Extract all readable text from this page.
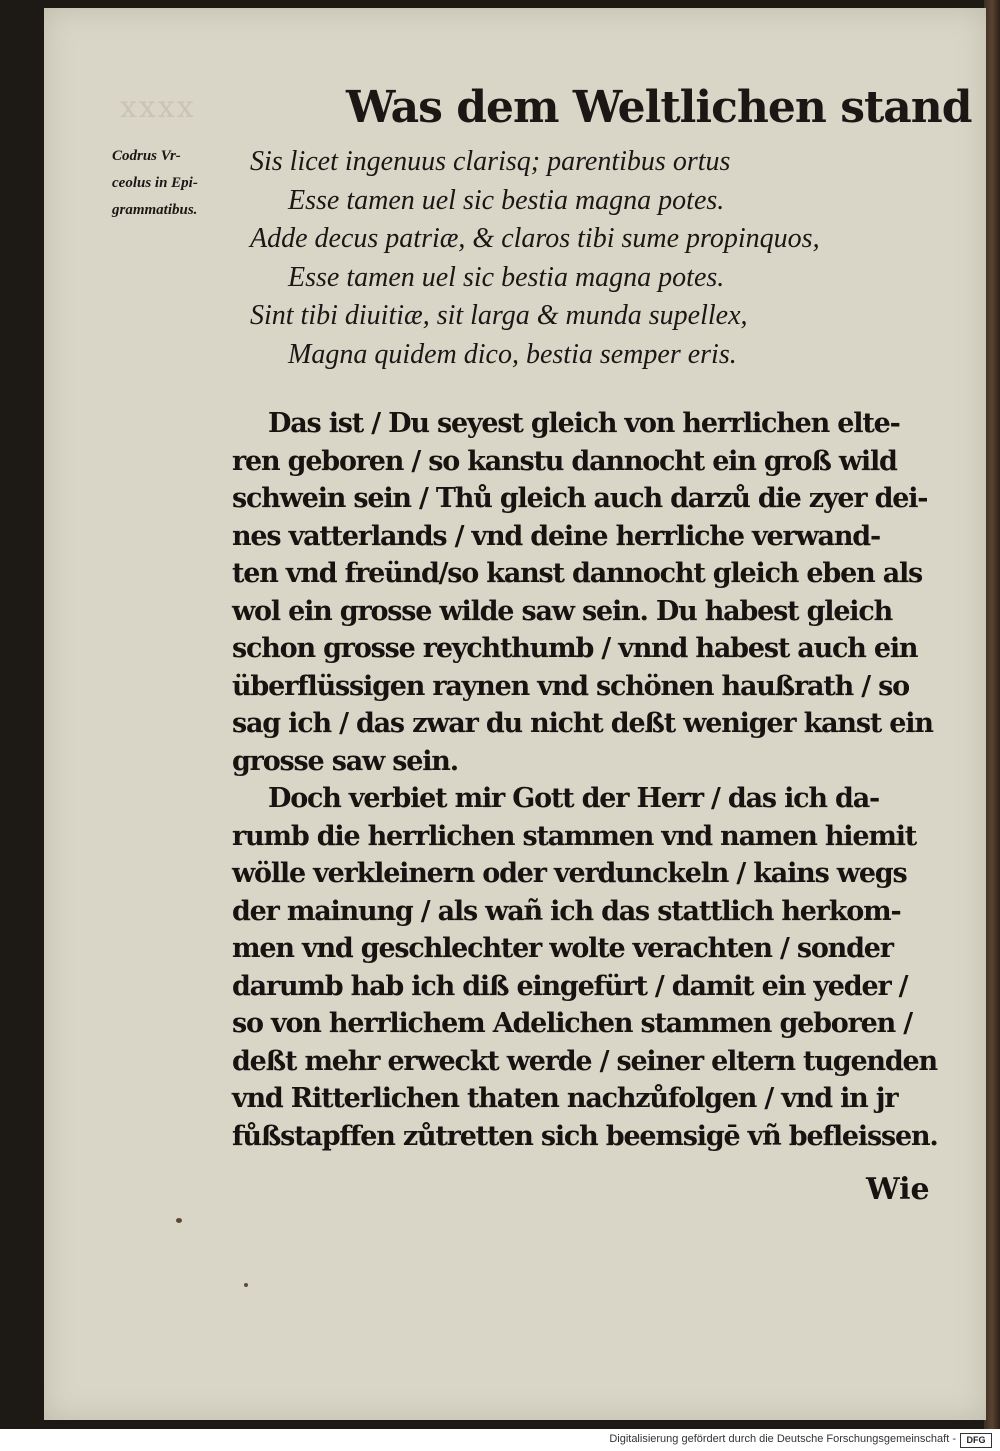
xxxx	Was dem Weltlichen stand
Codrus Vr-
ceolus in Epi-
grammatibus.
Sis licet ingenuus clarisq; parentibus ortus
Esse tamen uel sic bestia magna potes.
Adde decus patriæ, & claros tibi sume propinquos,
Esse tamen uel sic bestia magna potes.
Sint tibi diuitiæ, sit larga & munda supellex,
Magna quidem dico, bestia semper eris.
Das ist / Du seyest gleich von herrlichen elte-
ren geboren / so kanstu dannocht ein groß wild
schwein sein / Thů gleich auch darzů die zyer dei-
nes vatterlands / vnd deine herrliche verwand-
ten vnd freünd/so kanst dannocht gleich eben als
wol ein grosse wilde saw sein. Du habest gleich
schon grosse reychthumb / vnnd habest auch ein
überflüssigen raynen vnd schönen haußrath / so
sag ich / das zwar du nicht deßt weniger kanst ein
grosse saw sein.
Doch verbiet mir Gott der Herr / das ich da-
rumb die herrlichen stammen vnd namen hiemit
wölle verkleinern oder verdunckeln / kains wegs
der mainung / als wañ ich das stattlich herkom-
men vnd geschlechter wolte verachten / sonder
darumb hab ich diß eingefürt / damit ein yeder /
so von herrlichem Adelichen stammen geboren /
deßt mehr erweckt werde / seiner eltern tugenden
vnd Ritterlichen thaten nachzůfolgen / vnd in jr
fůßstapffen zůtretten sich beemsigē vñ befleissen.
Wie
Digitalisierung gefördert durch die Deutsche Forschungsgemeinschaft -	DFG
